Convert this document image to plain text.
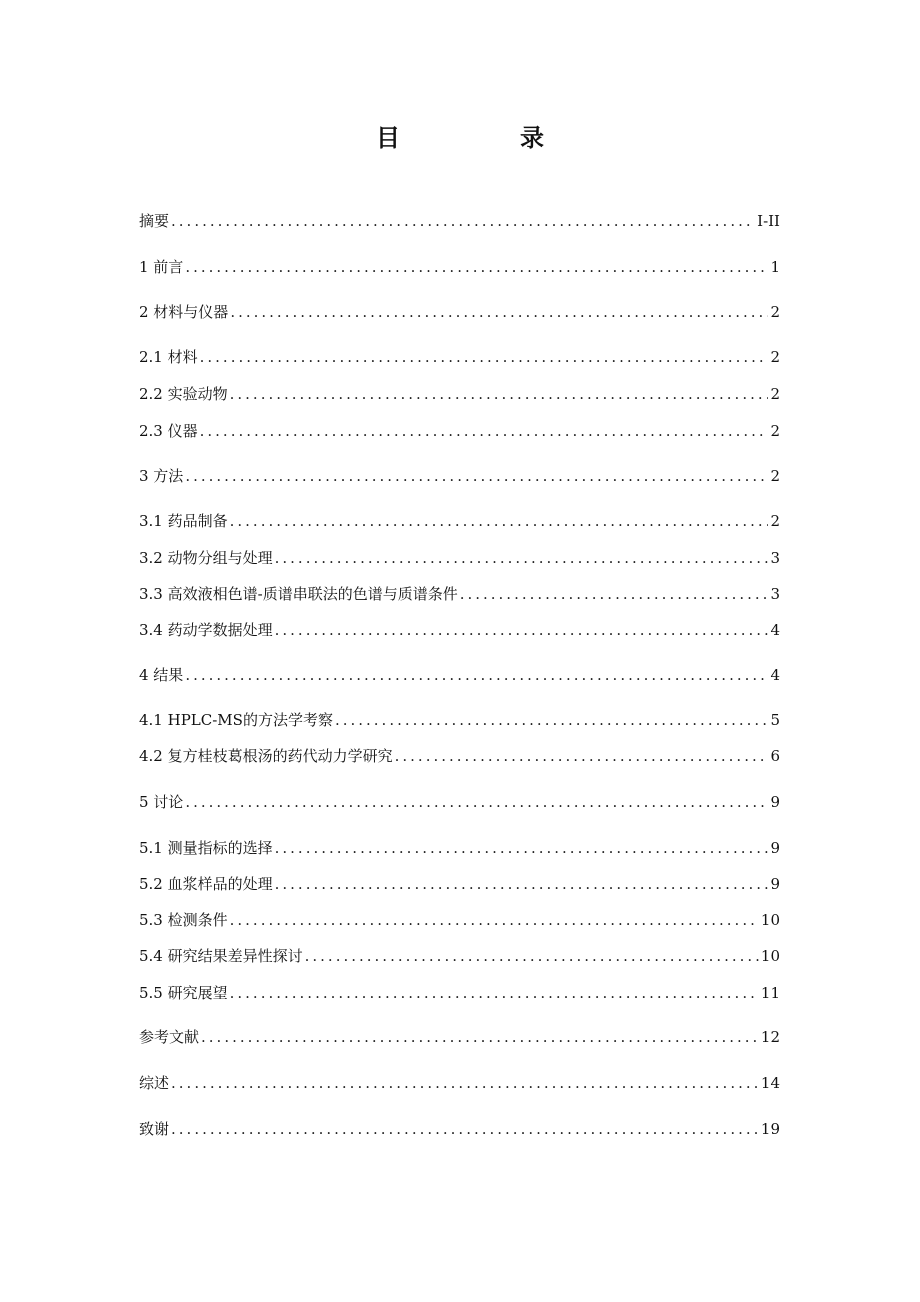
目　录
摘要 .....	I-II
1 前言 .....	1
2 材料与仪器 .....	2
2.1 材料 .....	2
2.2 实验动物 .....	2
2.3 仪器 .....	2
3 方法 .....	2
3.1 药品制备 .....	2
3.2 动物分组与处理 .....	3
3.3 高效液相色谱-质谱串联法的色谱与质谱条件 .....	3
3.4 药动学数据处理 .....	4
4 结果 .....	4
4.1 HPLC-MS的方法学考察 .....	5
4.2 复方桂枝葛根汤的药代动力学研究 .....	6
5 讨论 .....	9
5.1 测量指标的选择 .....	9
5.2 血浆样品的处理 .....	9
5.3 检测条件 .....	10
5.4 研究结果差异性探讨 .....	10
5.5 研究展望 .....	11
参考文献 .....	12
综述 .....	14
致谢 .....	19
